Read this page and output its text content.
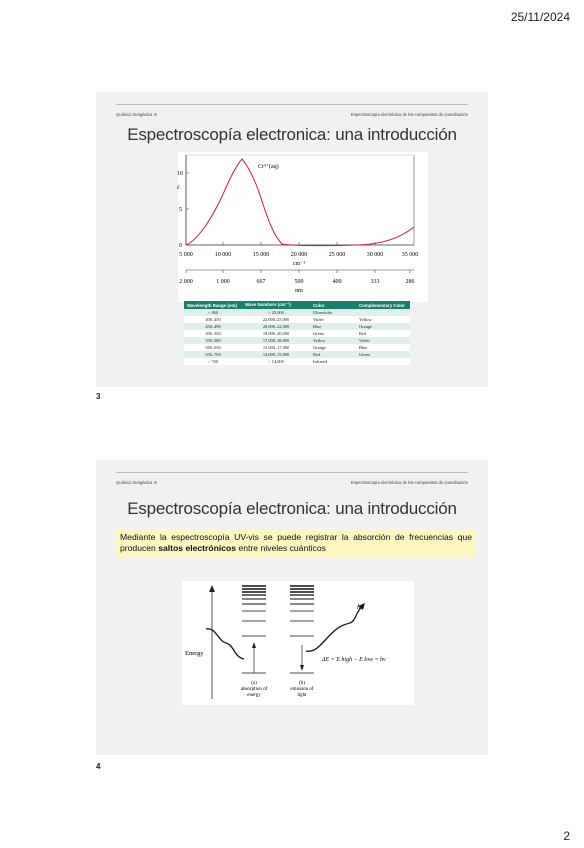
25/11/2024
Química Inorgánica III	Espectroscopía electrónica de los compuestos de coordinación
Espectroscopía electronica: una introducción
0
5
10
ε
Cr³⁺(aq)
5 000	10 000	15 000	20 000	25 000	30 000	35 000
cm⁻¹
2 000	1 000	667	500	400	333	286
nm
Wavelength Range (nm)	Wave Numbers (cm⁻¹)	Color	Complementary Color
< 400	> 25,000	Ultraviolet	
400–450	22,000–25,000	Violet	Yellow
450–490	20,000–22,000	Blue	Orange
490–550	18,000–20,000	Green	Red
550–580	17,000–18,000	Yellow	Violet
580–650	15,000–17,000	Orange	Blue
650–700	14,000–15,000	Red	Green
> 700	< 14,000	Infrared	
3
Química Inorgánica III	Espectroscopía electrónica de los compuestos de coordinación
Espectroscopía electronica: una introducción
Mediante la espectroscopía UV-vis se puede registrar la absorción de frecuencias que producen saltos electrónicos entre niveles cuánticos
Energy
hν
ΔE = E high − E low = hν
(a)
absorption of
energy
(b)
emission of
light
4
2
